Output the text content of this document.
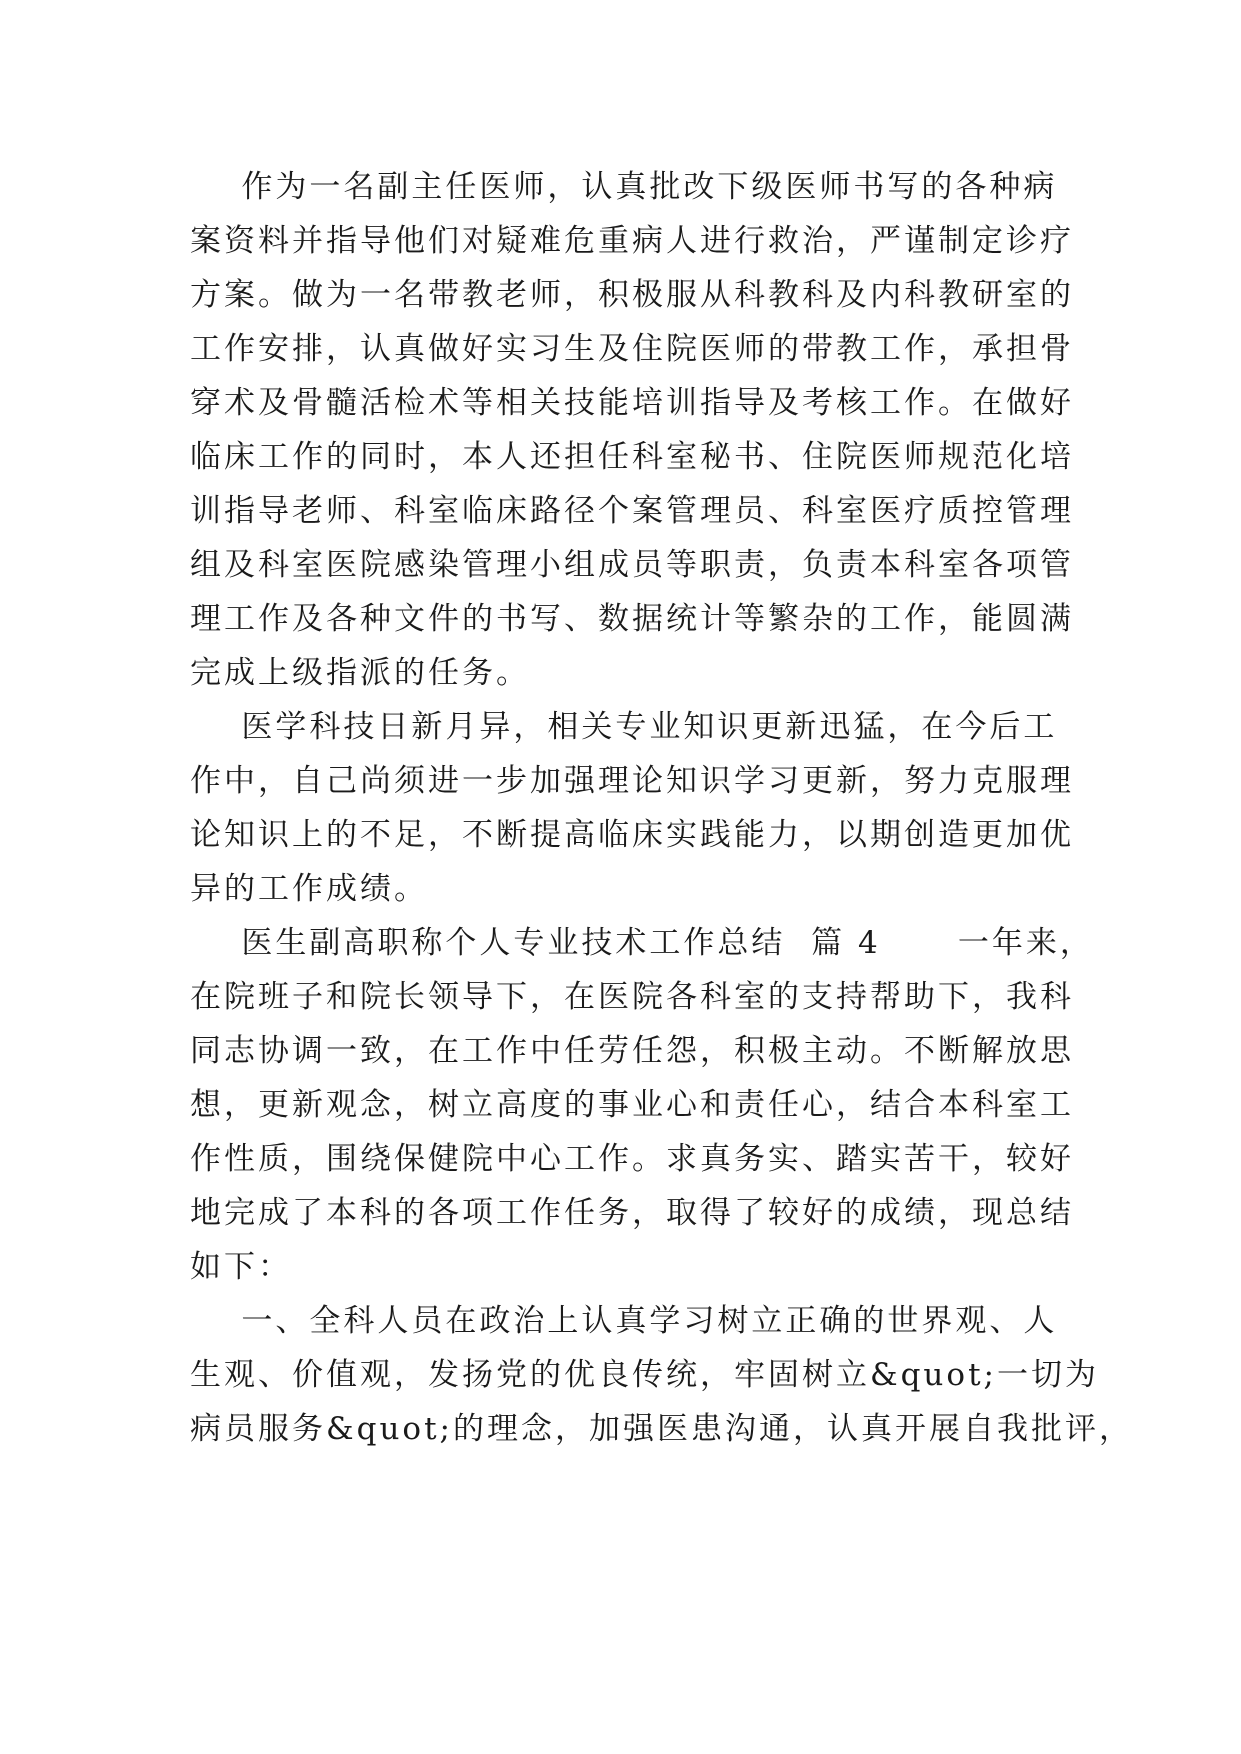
作为一名副主任医师，认真批改下级医师书写的各种病
案资料并指导他们对疑难危重病人进行救治，严谨制定诊疗
方案。做为一名带教老师，积极服从科教科及内科教研室的
工作安排，认真做好实习生及住院医师的带教工作，承担骨
穿术及骨髓活检术等相关技能培训指导及考核工作。在做好
临床工作的同时，本人还担任科室秘书、住院医师规范化培
训指导老师、科室临床路径个案管理员、科室医疗质控管理
组及科室医院感染管理小组成员等职责，负责本科室各项管
理工作及各种文件的书写、数据统计等繁杂的工作，能圆满
完成上级指派的任务。
医学科技日新月异，相关专业知识更新迅猛，在今后工
作中，自己尚须进一步加强理论知识学习更新，努力克服理
论知识上的不足，不断提高临床实践能力，以期创造更加优
异的工作成绩。
医生副高职称个人专业技术工作总结  篇 4      一年来，
在院班子和院长领导下，在医院各科室的支持帮助下，我科
同志协调一致，在工作中任劳任怨，积极主动。不断解放思
想，更新观念，树立高度的事业心和责任心，结合本科室工
作性质，围绕保健院中心工作。求真务实、踏实苦干，较好
地完成了本科的各项工作任务，取得了较好的成绩，现总结
如下：
一、全科人员在政治上认真学习树立正确的世界观、人
生观、价值观，发扬党的优良传统，牢固树立&quot;一切为
病员服务&quot;的理念，加强医患沟通，认真开展自我批评，
